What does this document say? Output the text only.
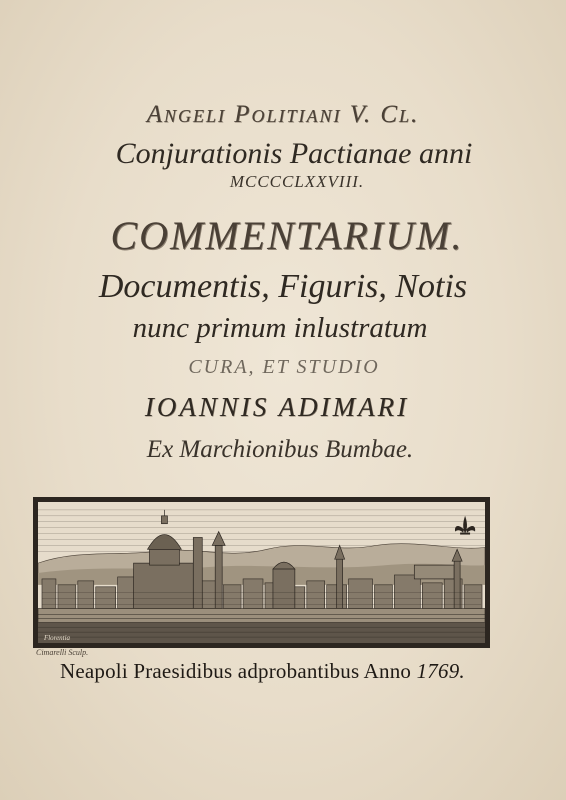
Angeli Politiani V. Cl.
Conjurationis Pactianae anni
MCCCCLXXVIII.
COMMENTARIUM.
Documentis, Figuris, Notis
nunc primum inlustratum
CURA, ET STUDIO
IOANNIS ADIMARI
Ex Marchionibus Bumbae.
Florentia
Cimarelli Sculp.
Neapoli Praesidibus adprobantibus Anno 1769.
